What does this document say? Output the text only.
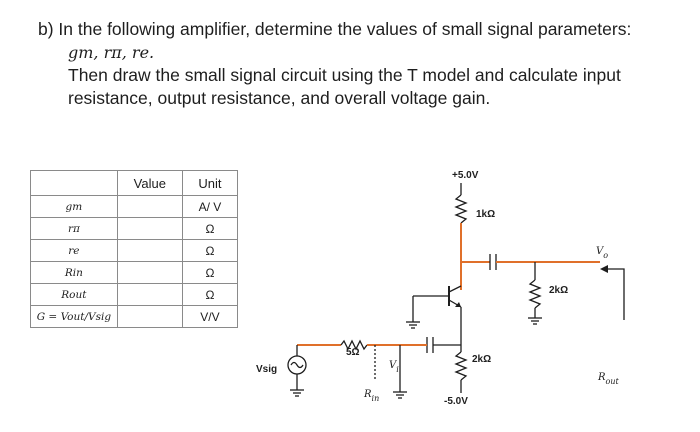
b) In the following amplifier, determine the values of small signal parameters:
gm, rπ, re.
Then draw the small signal circuit using the T model and calculate input
resistance, output resistance, and overall voltage gain.
	Value	Unit
gm		A/ V
rπ		Ω
re		Ω
Rin		Ω
Rout		Ω
G = Vout/Vsig		V/V
+5.0V
1kΩ
2kΩ
$V_o$
$R_{out}$
2kΩ
-5.0V
5Ω
$V_i$
$R_{in}$
Vsig
